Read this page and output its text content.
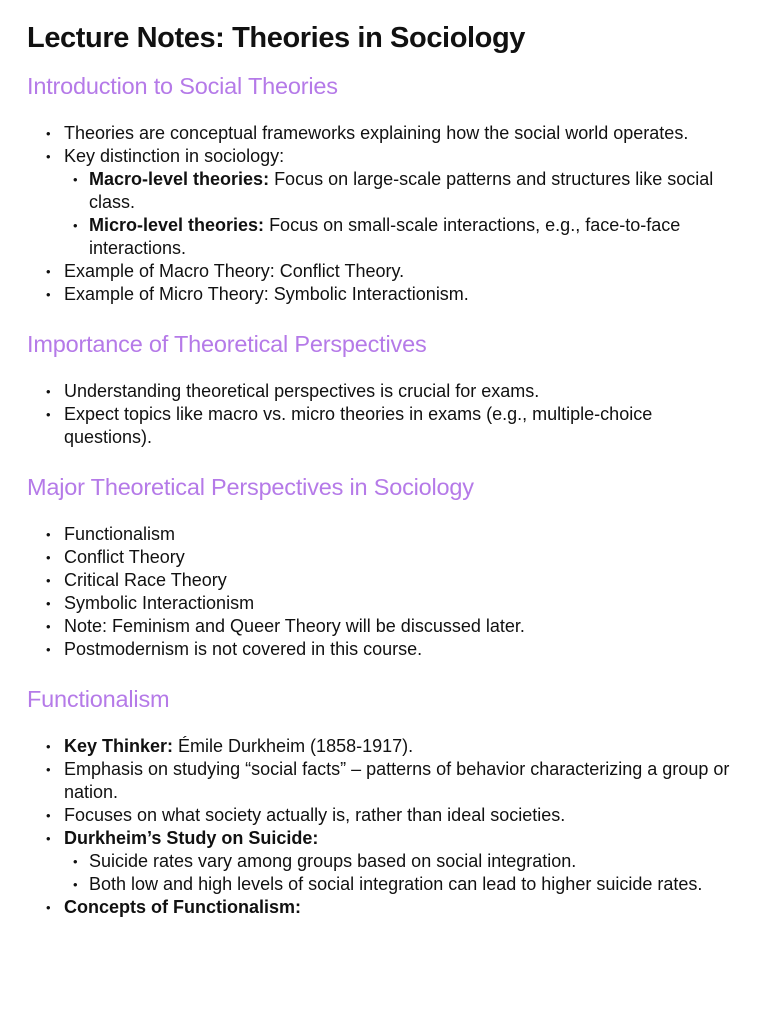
Lecture Notes: Theories in Sociology
Introduction to Social Theories
• Theories are conceptual frameworks explaining how the social world operates.
• Key distinction in sociology:
• Macro-level theories: Focus on large-scale patterns and structures like social class.
• Micro-level theories: Focus on small-scale interactions, e.g., face-to-face interactions.
• Example of Macro Theory: Conflict Theory.
• Example of Micro Theory: Symbolic Interactionism.
Importance of Theoretical Perspectives
• Understanding theoretical perspectives is crucial for exams.
• Expect topics like macro vs. micro theories in exams (e.g., multiple-choice questions).
Major Theoretical Perspectives in Sociology
• Functionalism
• Conflict Theory
• Critical Race Theory
• Symbolic Interactionism
• Note: Feminism and Queer Theory will be discussed later.
• Postmodernism is not covered in this course.
Functionalism
• Key Thinker: Émile Durkheim (1858-1917).
• Emphasis on studying “social facts” – patterns of behavior characterizing a group or nation.
• Focuses on what society actually is, rather than ideal societies.
• Durkheim’s Study on Suicide:
• Suicide rates vary among groups based on social integration.
• Both low and high levels of social integration can lead to higher suicide rates.
• Concepts of Functionalism:
